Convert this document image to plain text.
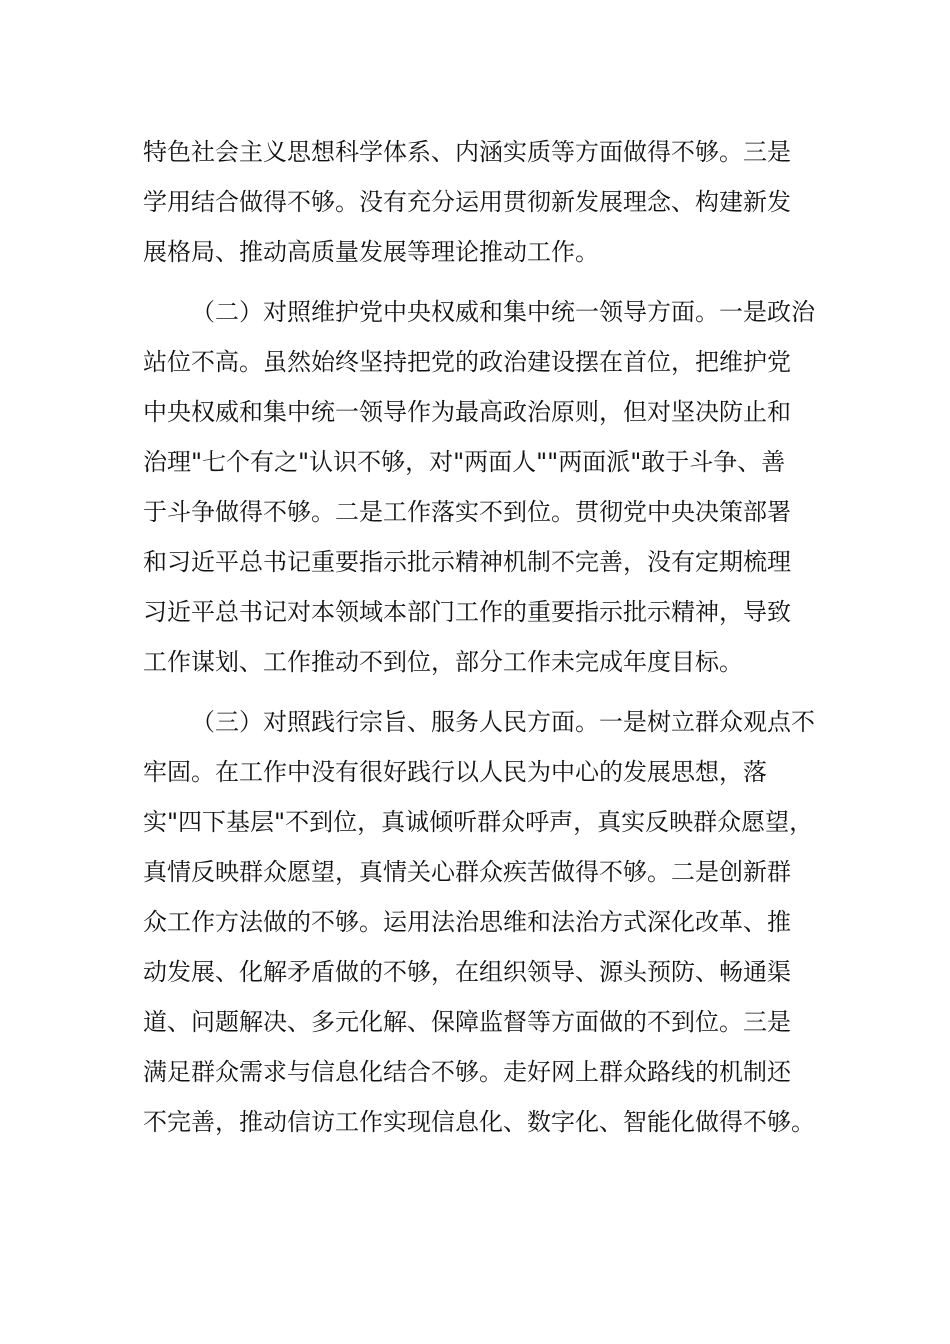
特色社会主义思想科学体系、内涵实质等方面做得不够。三是
学用结合做得不够。没有充分运用贯彻新发展理念、构建新发
展格局、推动高质量发展等理论推动工作。
（二）对照维护党中央权威和集中统一领导方面。一是政治
站位不高。虽然始终坚持把党的政治建设摆在首位，把维护党
中央权威和集中统一领导作为最高政治原则，但对坚决防止和
治理"七个有之"认识不够，对"两面人""两面派"敢于斗争、善
于斗争做得不够。二是工作落实不到位。贯彻党中央决策部署
和习近平总书记重要指示批示精神机制不完善，没有定期梳理
习近平总书记对本领域本部门工作的重要指示批示精神，导致
工作谋划、工作推动不到位，部分工作未完成年度目标。
（三）对照践行宗旨、服务人民方面。一是树立群众观点不
牢固。在工作中没有很好践行以人民为中心的发展思想，落
实"四下基层"不到位，真诚倾听群众呼声，真实反映群众愿望，
真情反映群众愿望，真情关心群众疾苦做得不够。二是创新群
众工作方法做的不够。运用法治思维和法治方式深化改革、推
动发展、化解矛盾做的不够，在组织领导、源头预防、畅通渠
道、问题解决、多元化解、保障监督等方面做的不到位。三是
满足群众需求与信息化结合不够。走好网上群众路线的机制还
不完善，推动信访工作实现信息化、数字化、智能化做得不够。
